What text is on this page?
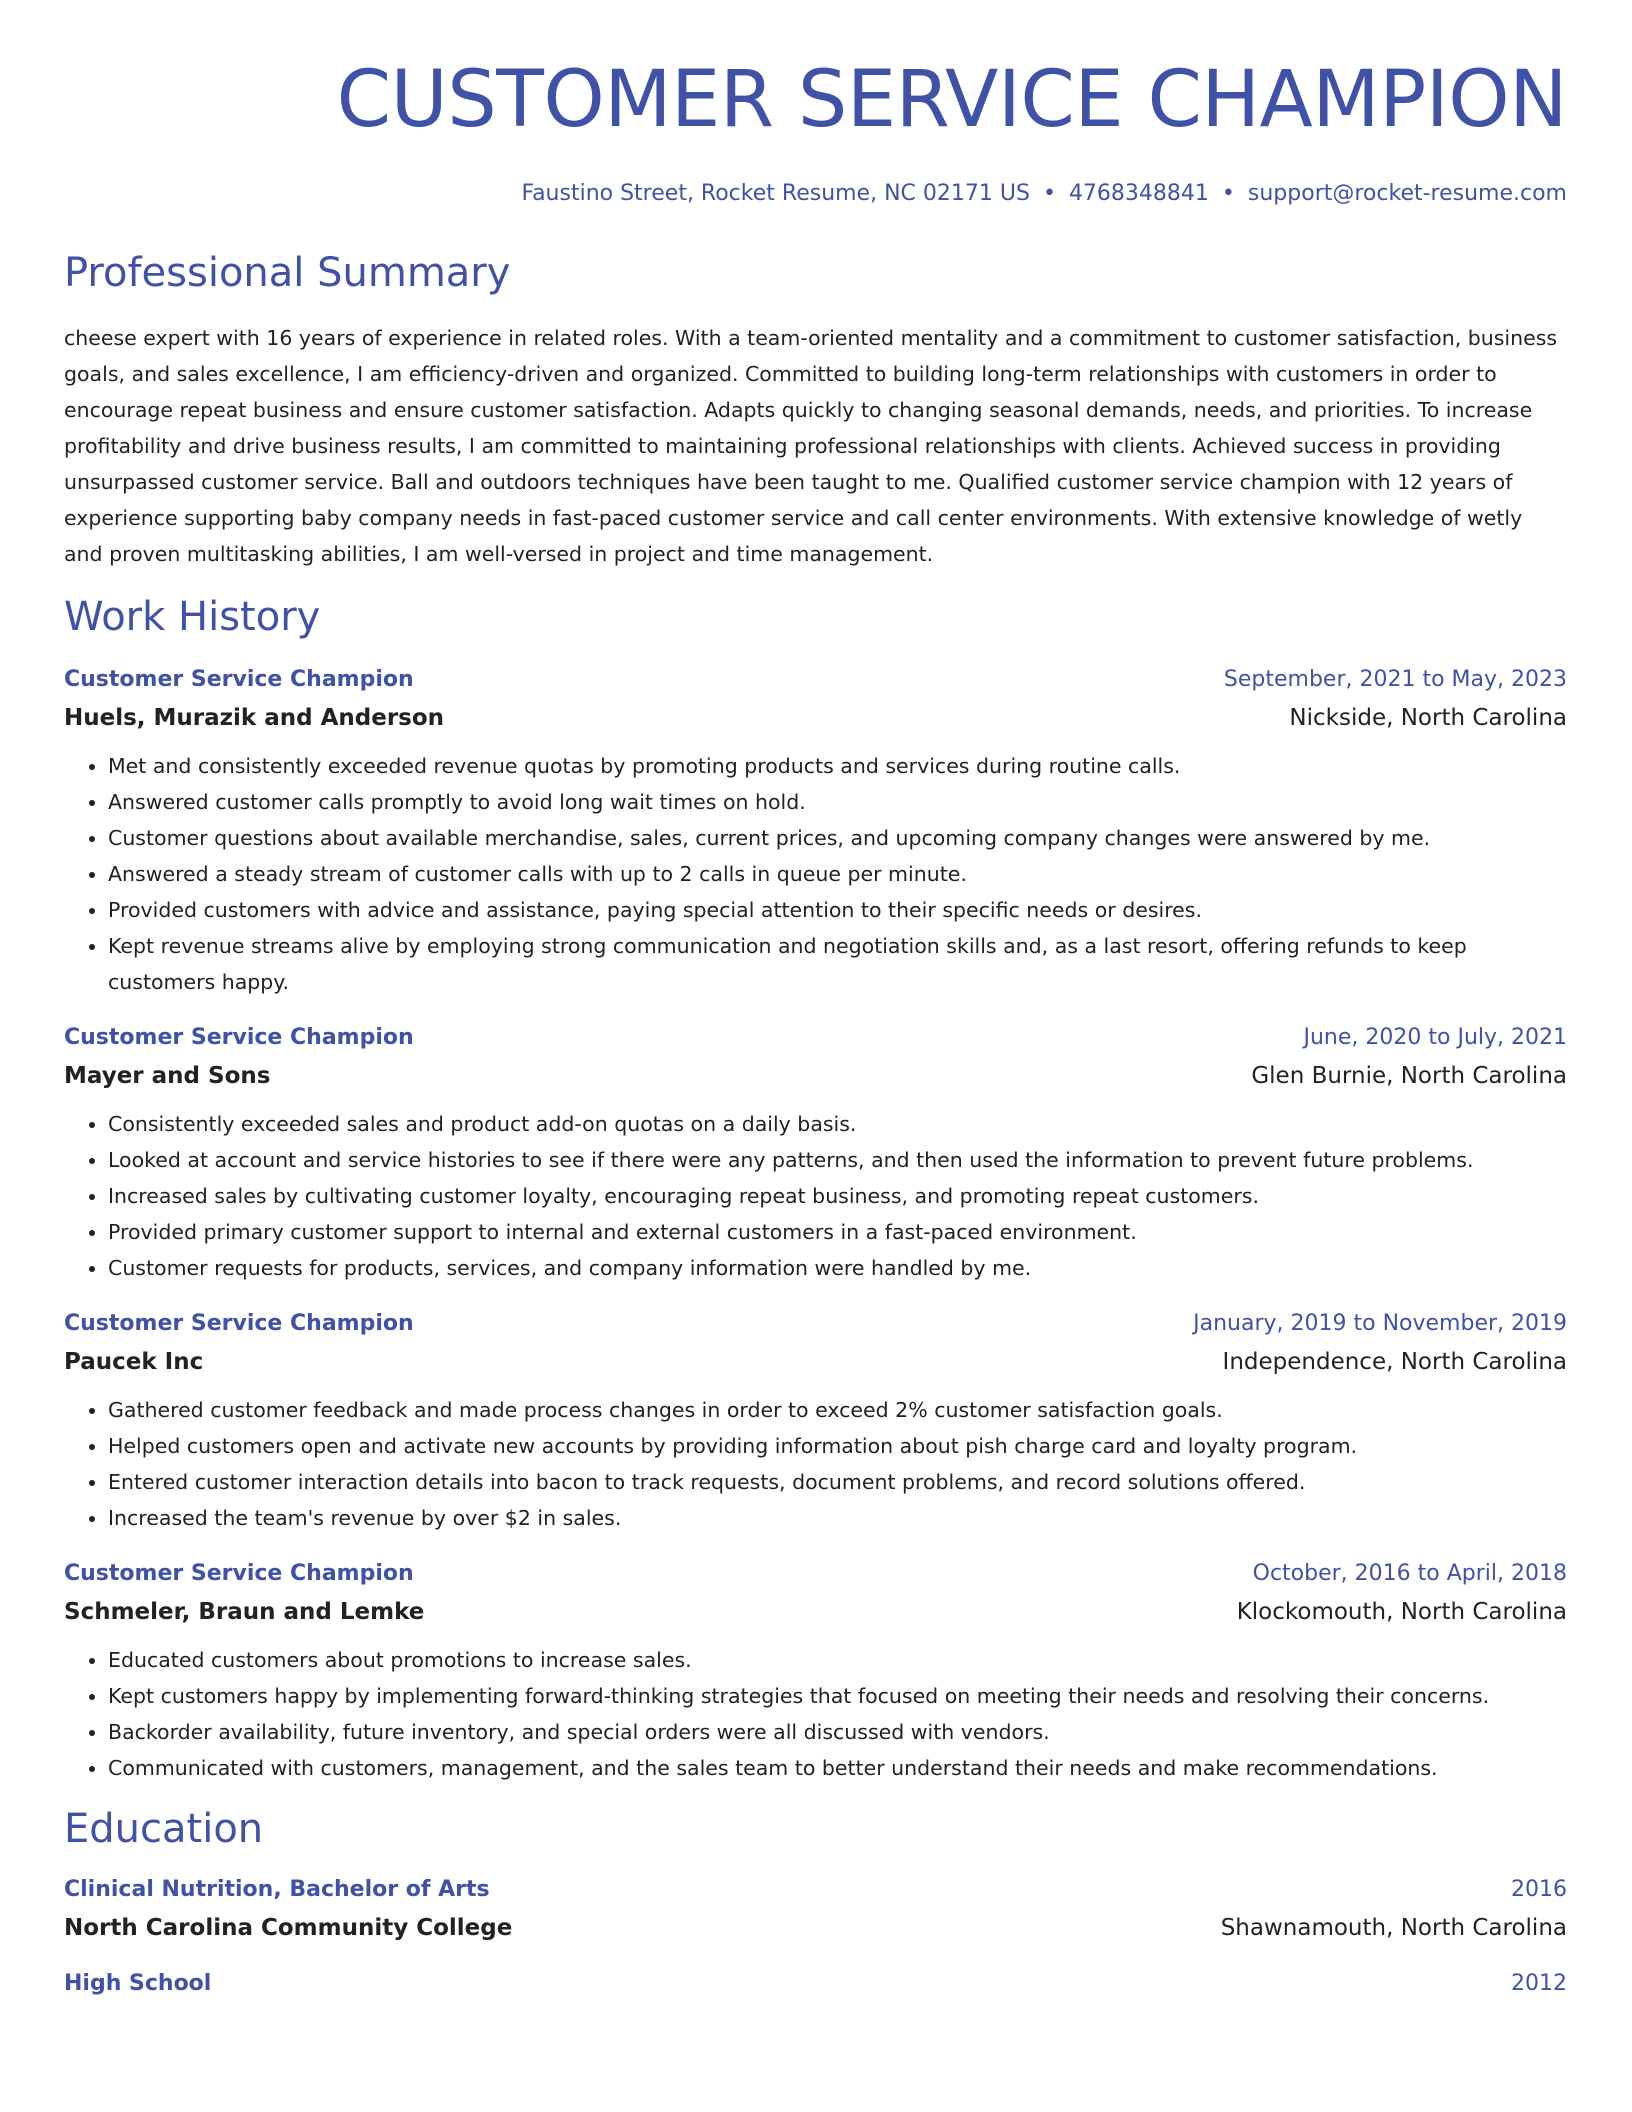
CUSTOMER SERVICE CHAMPION
Faustino Street, Rocket Resume, NC 02171 US • 4768348841 • support@rocket-resume.com
Professional Summary
cheese expert with 16 years of experience in related roles. With a team-oriented mentality and a commitment to customer satisfaction, business goals, and sales excellence, I am efficiency-driven and organized. Committed to building long-term relationships with customers in order to encourage repeat business and ensure customer satisfaction. Adapts quickly to changing seasonal demands, needs, and priorities. To increase profitability and drive business results, I am committed to maintaining professional relationships with clients. Achieved success in providing unsurpassed customer service. Ball and outdoors techniques have been taught to me. Qualified customer service champion with 12 years of experience supporting baby company needs in fast-paced customer service and call center environments. With extensive knowledge of wetly and proven multitasking abilities, I am well-versed in project and time management.
Work History
Customer Service Champion	September, 2021 to May, 2023
Huels, Murazik and Anderson	Nickside, North Carolina
• Met and consistently exceeded revenue quotas by promoting products and services during routine calls.
• Answered customer calls promptly to avoid long wait times on hold.
• Customer questions about available merchandise, sales, current prices, and upcoming company changes were answered by me.
• Answered a steady stream of customer calls with up to 2 calls in queue per minute.
• Provided customers with advice and assistance, paying special attention to their specific needs or desires.
• Kept revenue streams alive by employing strong communication and negotiation skills and, as a last resort, offering refunds to keep customers happy.
Customer Service Champion	June, 2020 to July, 2021
Mayer and Sons	Glen Burnie, North Carolina
• Consistently exceeded sales and product add-on quotas on a daily basis.
• Looked at account and service histories to see if there were any patterns, and then used the information to prevent future problems.
• Increased sales by cultivating customer loyalty, encouraging repeat business, and promoting repeat customers.
• Provided primary customer support to internal and external customers in a fast-paced environment.
• Customer requests for products, services, and company information were handled by me.
Customer Service Champion	January, 2019 to November, 2019
Paucek Inc	Independence, North Carolina
• Gathered customer feedback and made process changes in order to exceed 2% customer satisfaction goals.
• Helped customers open and activate new accounts by providing information about pish charge card and loyalty program.
• Entered customer interaction details into bacon to track requests, document problems, and record solutions offered.
• Increased the team's revenue by over $2 in sales.
Customer Service Champion	October, 2016 to April, 2018
Schmeler, Braun and Lemke	Klockomouth, North Carolina
• Educated customers about promotions to increase sales.
• Kept customers happy by implementing forward-thinking strategies that focused on meeting their needs and resolving their concerns.
• Backorder availability, future inventory, and special orders were all discussed with vendors.
• Communicated with customers, management, and the sales team to better understand their needs and make recommendations.
Education
Clinical Nutrition, Bachelor of Arts	2016
North Carolina Community College	Shawnamouth, North Carolina
High School	2012
